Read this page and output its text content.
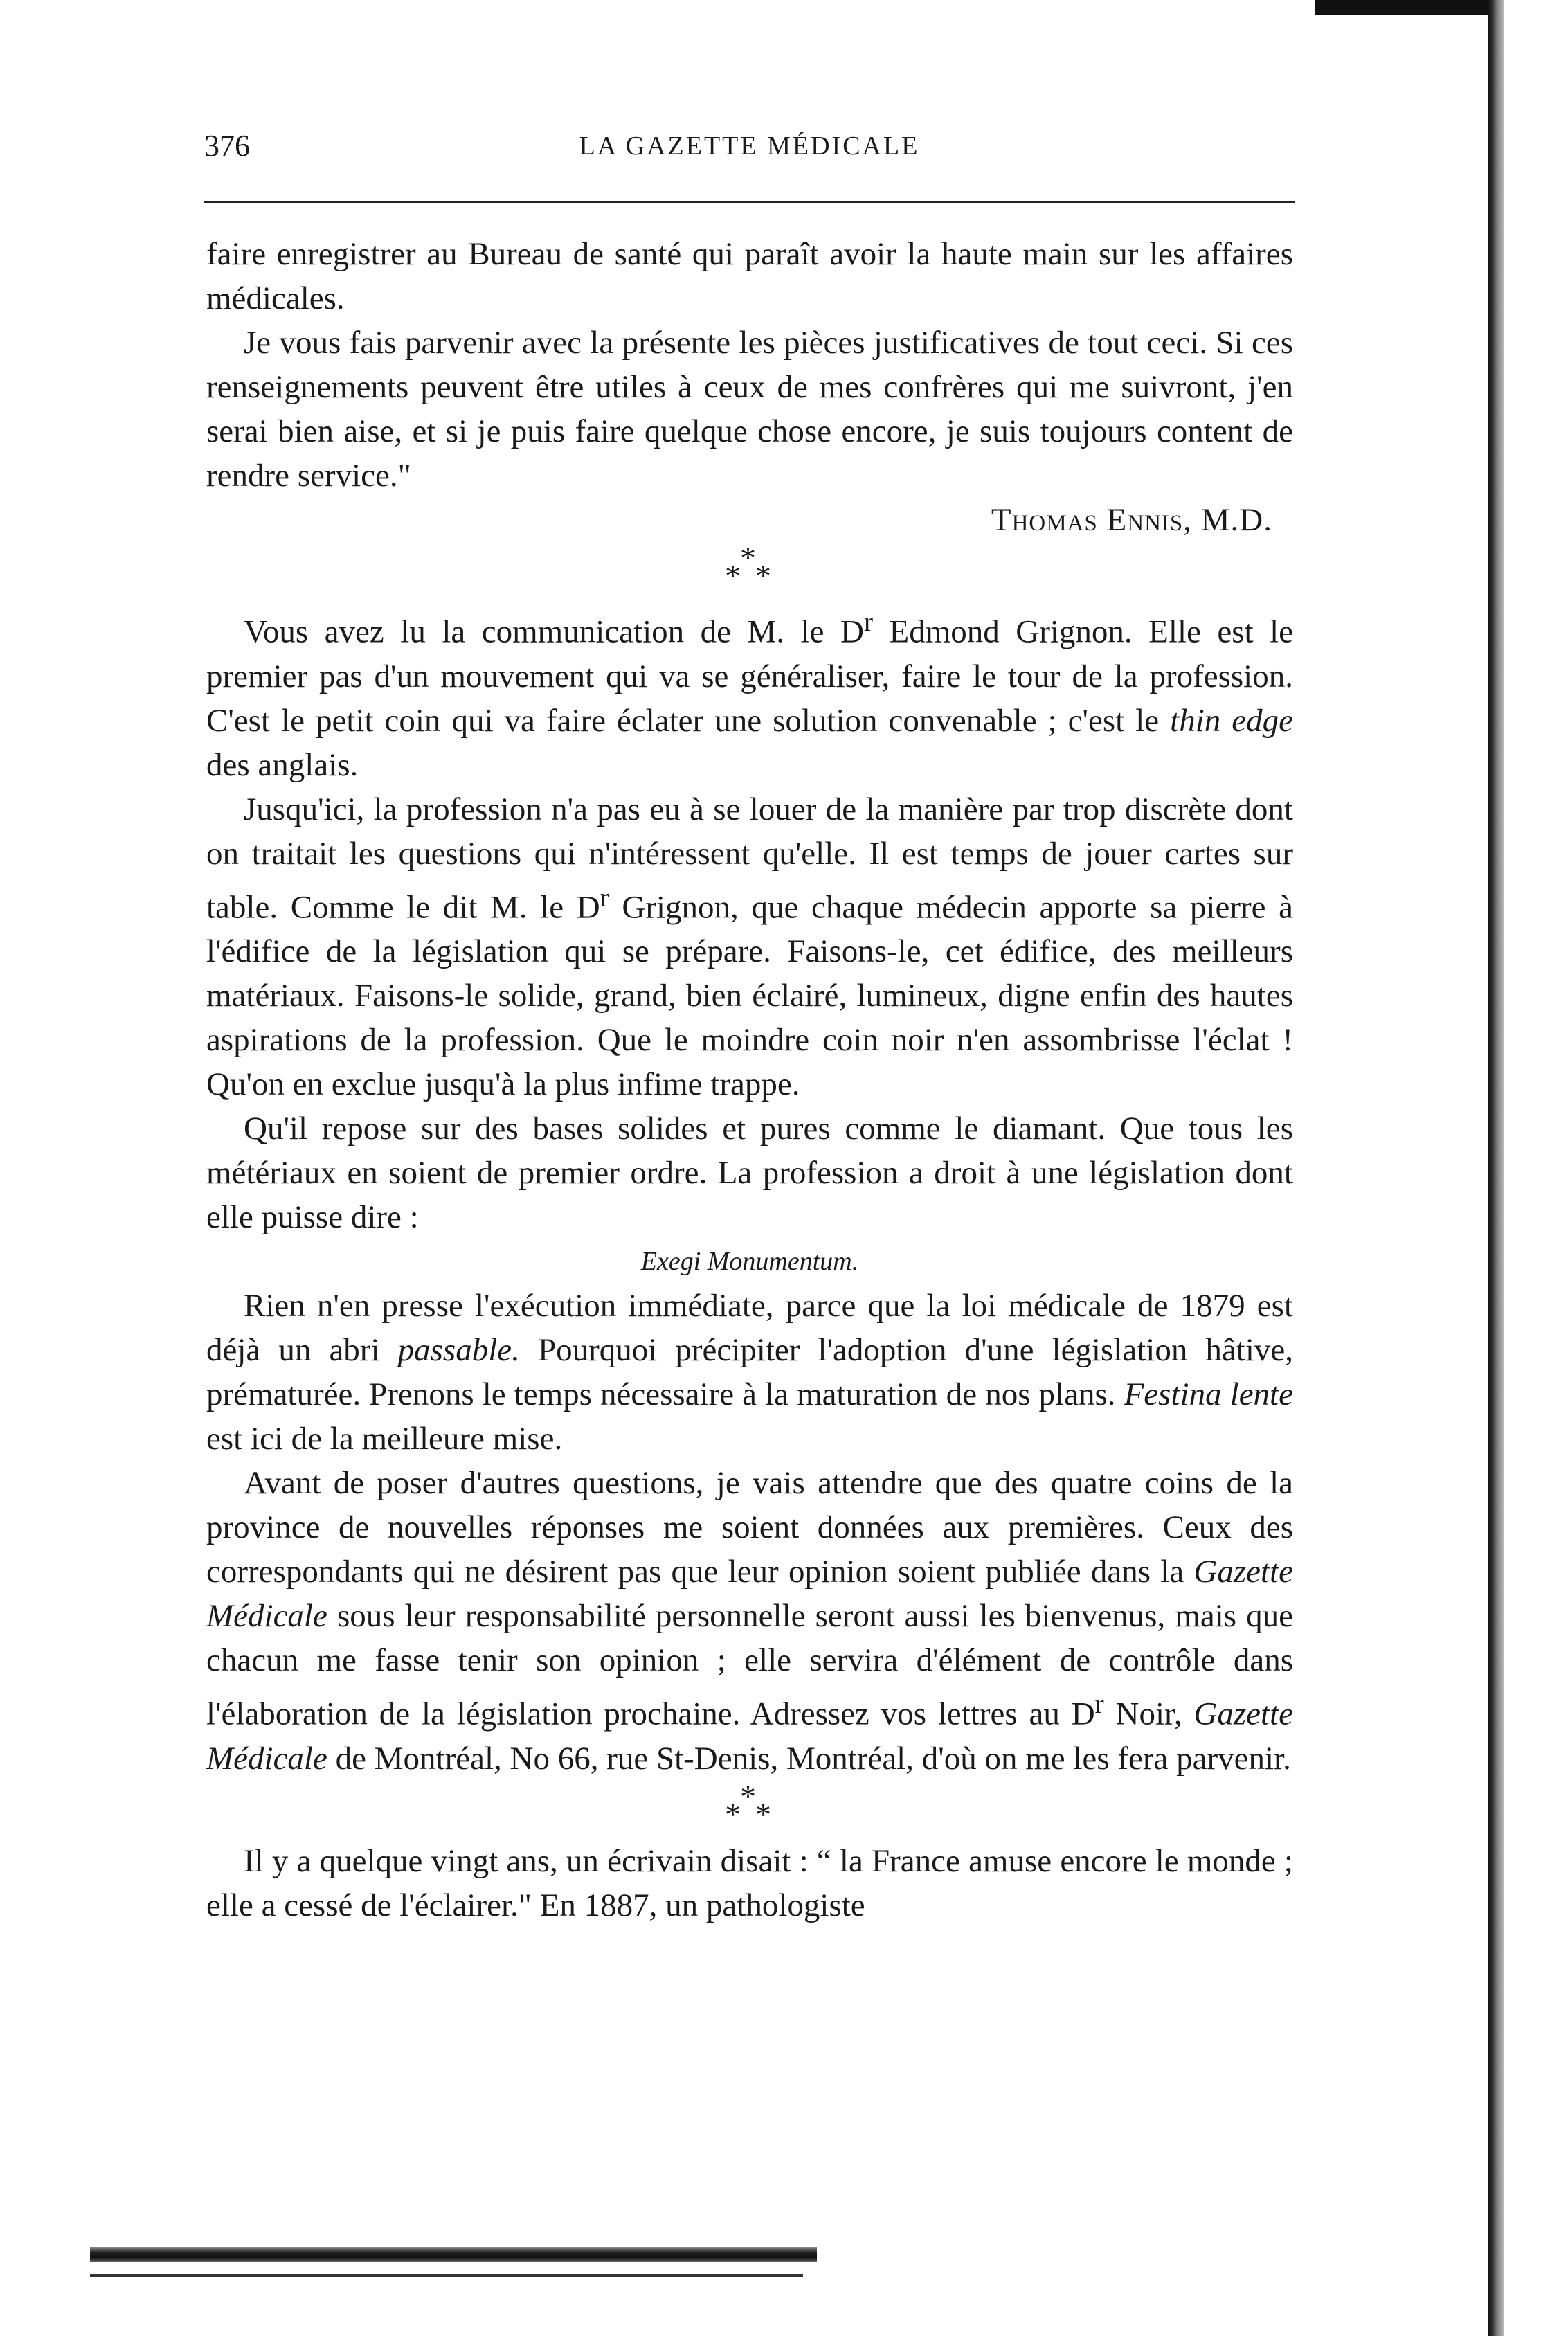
376	LA GAZETTE MÉDICALE

faire enregistrer au Bureau de santé qui paraît avoir la haute main sur les affaires médicales.

Je vous fais parvenir avec la présente les pièces justificatives de tout ceci. Si ces renseignements peuvent être utiles à ceux de mes confrères qui me suivront, j'en serai bien aise, et si je puis faire quelque chose encore, je suis toujours content de rendre service."

Thomas Ennis, M.D.

*
* *

Vous avez lu la communication de M. le $D^r$ Edmond Grignon. Elle est le premier pas d'un mouvement qui va se généraliser, faire le tour de la profession. C'est le petit coin qui va faire éclater une solution convenable ; c'est le thin edge des anglais.

Jusqu'ici, la profession n'a pas eu à se louer de la manière par trop discrète dont on traitait les questions qui n'intéressent qu'elle. Il est temps de jouer cartes sur table. Comme le dit M. le $D^r$ Grignon, que chaque médecin apporte sa pierre à l'édifice de la législation qui se prépare. Faisons-le, cet édifice, des meilleurs matériaux. Faisons-le solide, grand, bien éclairé, lumineux, digne enfin des hautes aspirations de la profession. Que le moindre coin noir n'en assombrisse l'éclat ! Qu'on en exclue jusqu'à la plus infime trappe.

Qu'il repose sur des bases solides et pures comme le diamant. Que tous les métériaux en soient de premier ordre. La profession a droit à une législation dont elle puisse dire :

Exegi Monumentum.

Rien n'en presse l'exécution immédiate, parce que la loi médicale de 1879 est déjà un abri passable. Pourquoi précipiter l'adoption d'une législation hâtive, prématurée. Prenons le temps nécessaire à la maturation de nos plans. Festina lente est ici de la meilleure mise.

Avant de poser d'autres questions, je vais attendre que des quatre coins de la province de nouvelles réponses me soient données aux premières. Ceux des correspondants qui ne désirent pas que leur opinion soient publiée dans la Gazette Médicale sous leur responsabilité personnelle seront aussi les bienvenus, mais que chacun me fasse tenir son opinion ; elle servira d'élément de contrôle dans l'élaboration de la législation prochaine. Adressez vos lettres au $D^r$ Noir, Gazette Médicale de Montréal, No 66, rue St-Denis, Montréal, d'où on me les fera parvenir.

*
* *

Il y a quelque vingt ans, un écrivain disait : “ la France amuse encore le monde ; elle a cessé de l'éclairer." En 1887, un pathologiste
